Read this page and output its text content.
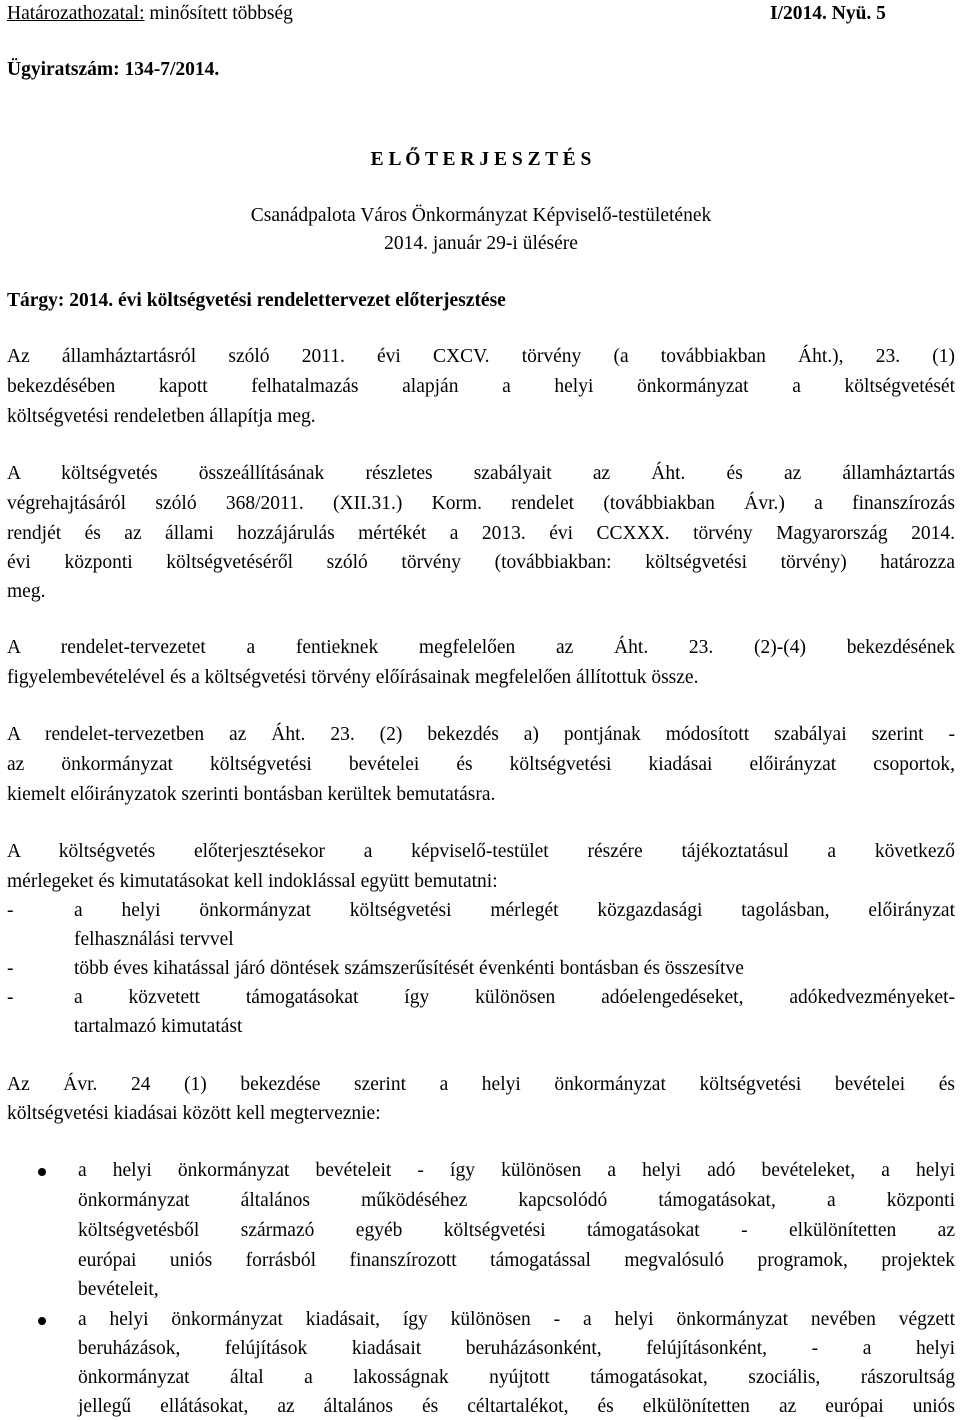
Határozathozatal: minősített többség	I/2014. Nyü. 5
Ügyiratszám: 134-7/2014.
E L Ő T E R J E S Z T É S
Csanádpalota Város Önkormányzat Képviselő-testületének
2014. január 29-i ülésére
Tárgy: 2014. évi költségvetési rendelettervezet előterjesztése
Az államháztartásról szóló 2011. évi CXCV. törvény (a továbbiakban Áht.), 23. (1)
bekezdésében kapott felhatalmazás alapján a helyi önkormányzat a költségvetését
költségvetési rendeletben állapítja meg.
A költségvetés összeállításának részletes szabályait az Áht. és az államháztartás
végrehajtásáról szóló 368/2011. (XII.31.) Korm. rendelet (továbbiakban Ávr.) a finanszírozás
rendjét és az állami hozzájárulás mértékét a 2013. évi CCXXX. törvény Magyarország 2014.
évi központi költségvetéséről szóló törvény (továbbiakban: költségvetési törvény) határozza
meg.
A rendelet-tervezetet a fentieknek megfelelően az Áht. 23. (2)-(4) bekezdésének
figyelembevételével és a költségvetési törvény előírásainak megfelelően állítottuk össze.
A rendelet-tervezetben az Áht. 23. (2) bekezdés a) pontjának módosított szabályai szerint -
az önkormányzat költségvetési bevételei és költségvetési kiadásai előirányzat csoportok,
kiemelt előirányzatok szerinti bontásban kerültek bemutatásra.
A költségvetés előterjesztésekor a képviselő-testület részére tájékoztatásul a következő
mérlegeket és kimutatásokat kell indoklással együtt bemutatni:
-	a helyi önkormányzat költségvetési mérlegét közgazdasági tagolásban, előirányzat
felhasználási tervvel
-	több éves kihatással járó döntések számszerűsítését évenkénti bontásban és összesítve
-	a közvetett támogatásokat így különösen adóelengedéseket, adókedvezményeket-
tartalmazó kimutatást
Az Ávr. 24 (1) bekezdése szerint a helyi önkormányzat költségvetési bevételei és
költségvetési kiadásai között kell megterveznie:
a helyi önkormányzat bevételeit - így különösen a helyi adó bevételeket, a helyi
önkormányzat általános működéséhez kapcsolódó támogatásokat, a központi
költségvetésből származó egyéb költségvetési támogatásokat - elkülönítetten az
európai uniós forrásból finanszírozott támogatással megvalósuló programok, projektek
bevételeit,
a helyi önkormányzat kiadásait, így különösen - a helyi önkormányzat nevében végzett
beruházások, felújítások kiadásait beruházásonként, felújításonként, - a helyi
önkormányzat által a lakosságnak nyújtott támogatásokat, szociális, rászorultság
jellegű ellátásokat, az általános és céltartalékot, és elkülönítetten az európai uniós
